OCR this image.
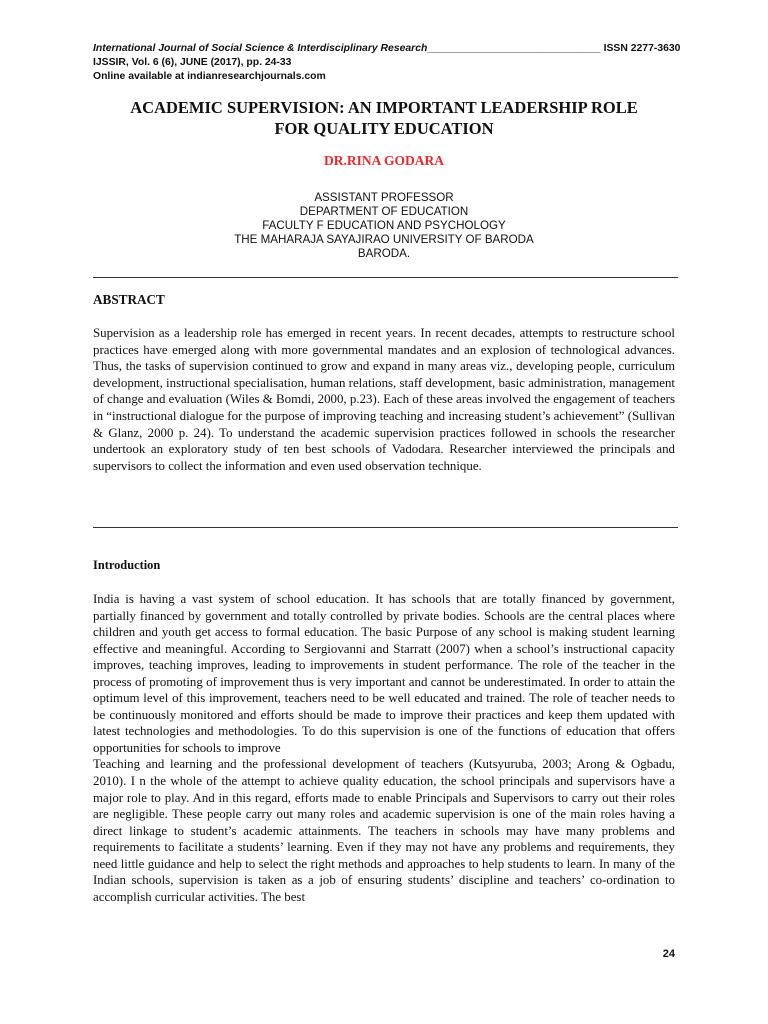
International Journal of Social Science & Interdisciplinary Research______________________________ ISSN 2277-3630
IJSSIR, Vol. 6 (6), JUNE (2017), pp. 24-33
Online available at indianresearchjournals.com
ACADEMIC SUPERVISION: AN IMPORTANT LEADERSHIP ROLE
FOR QUALITY EDUCATION
DR.RINA GODARA
ASSISTANT PROFESSOR
DEPARTMENT OF EDUCATION
FACULTY F EDUCATION AND PSYCHOLOGY
THE MAHARAJA SAYAJIRAO UNIVERSITY OF BARODA
BARODA.
ABSTRACT
Supervision as a leadership role has emerged in recent years. In recent decades, attempts to restructure school practices have emerged along with more governmental mandates and an explosion of technological advances. Thus, the tasks of supervision continued to grow and expand in many areas viz., developing people, curriculum development, instructional specialisation, human relations, staff development, basic administration, management of change and evaluation (Wiles & Bomdi, 2000, p.23). Each of these areas involved the engagement of teachers in “instructional dialogue for the purpose of improving teaching and increasing student’s achievement” (Sullivan & Glanz, 2000 p. 24). To understand the academic supervision practices followed in schools the researcher undertook an exploratory study of ten best schools of Vadodara. Researcher interviewed the principals and supervisors to collect the information and even used observation technique.
Introduction

India is having a vast system of school education. It has schools that are totally financed by government, partially financed by government and totally controlled by private bodies. Schools are the central places where children and youth get access to formal education. The basic Purpose of any school is making student learning effective and meaningful. According to Sergiovanni and Starratt (2007) when a school’s instructional capacity improves, teaching improves, leading to improvements in student performance. The role of the teacher in the process of promoting of improvement thus is very important and cannot be underestimated. In order to attain the optimum level of this improvement, teachers need to be well educated and trained. The role of teacher needs to be continuously monitored and efforts should be made to improve their practices and keep them updated with latest technologies and methodologies. To do this supervision is one of the functions of education that offers opportunities for schools to improve

Teaching and learning and the professional development of teachers (Kutsyuruba, 2003; Arong & Ogbadu, 2010). I n the whole of the attempt to achieve quality education, the school principals and supervisors have a major role to play. And in this regard, efforts made to enable Principals and Supervisors to carry out their roles are negligible. These people carry out many roles and academic supervision is one of the main roles having a direct linkage to student’s academic attainments. The teachers in schools may have many problems and requirements to facilitate a students’ learning. Even if they may not have any problems and requirements, they need little guidance and help to select the right methods and approaches to help students to learn. In many of the Indian schools, supervision is taken as a job of ensuring students’ discipline and teachers’ co-ordination to accomplish curricular activities. The best

24
